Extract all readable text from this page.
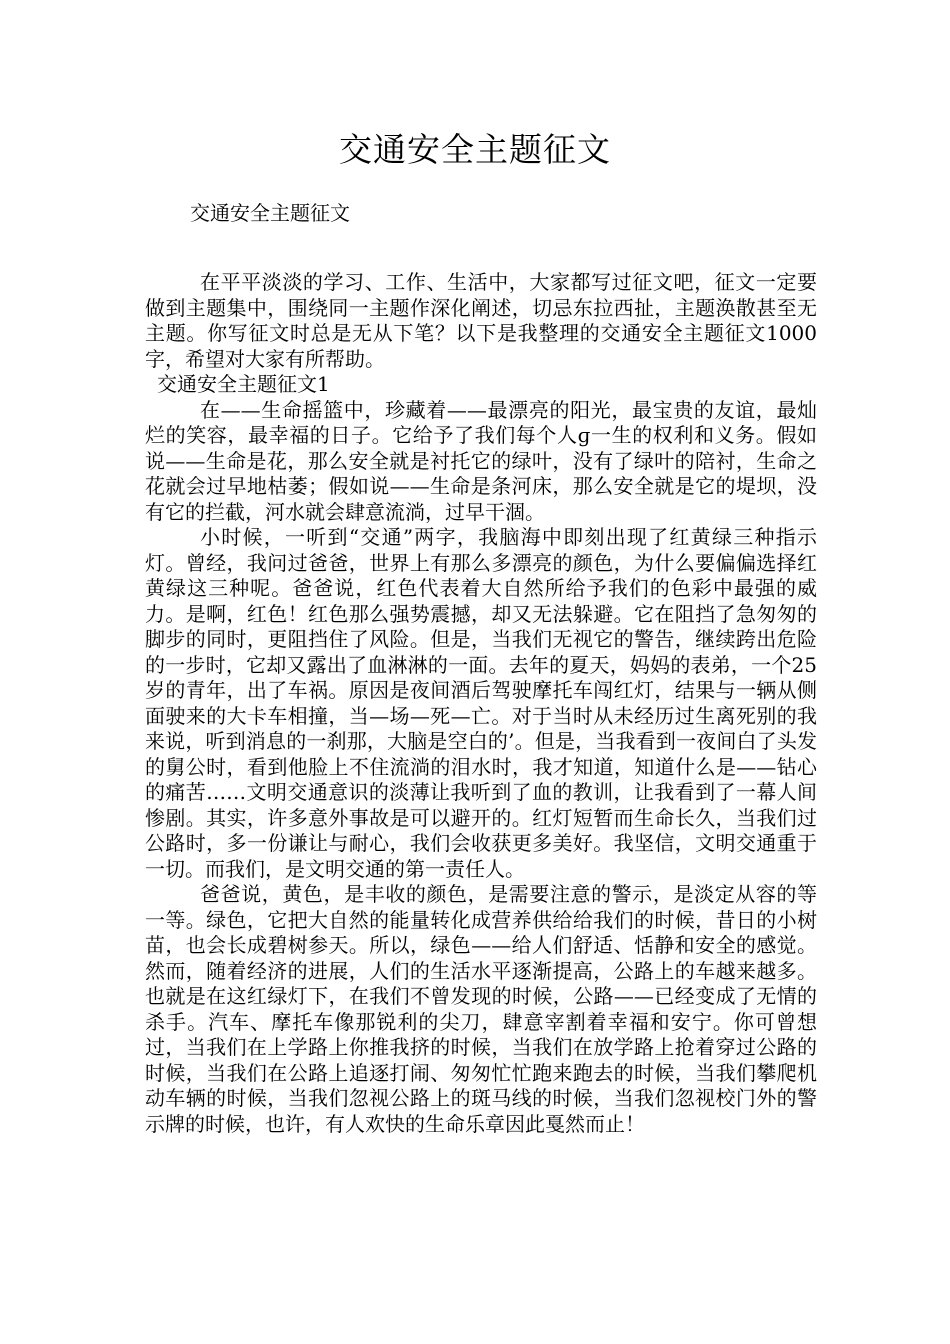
交通安全主题征文
交通安全主题征文

在平平淡淡的学习、工作、生活中，大家都写过征文吧，征文一定要做到主题集中，围绕同一主题作深化阐述，切忌东拉西扯，主题涣散甚至无主题。你写征文时总是无从下笔？以下是我整理的交通安全主题征文1000字，希望对大家有所帮助。

交通安全主题征文1

在——生命摇篮中，珍藏着——最漂亮的阳光，最宝贵的友谊，最灿烂的笑容，最幸福的日子。它给予了我们每个人ɡ一生的权利和义务。假如说——生命是花，那么安全就是衬托它的绿叶，没有了绿叶的陪衬，生命之花就会过早地枯萎；假如说——生命是条河床，那么安全就是它的堤坝，没有它的拦截，河水就会肆意流淌，过早干涸。

小时候，一听到“交通”两字，我脑海中即刻出现了红黄绿三种指示灯。曾经，我问过爸爸，世界上有那么多漂亮的颜色，为什么要偏偏选择红黄绿这三种呢。爸爸说，红色代表着大自然所给予我们的色彩中最强的威力。是啊，红色！红色那么强势震撼，却又无法躲避。它在阻挡了急匆匆的脚步的同时，更阻挡住了风险。但是，当我们无视它的警告，继续跨出危险的一步时，它却又露出了血淋淋的一面。去年的夏天，妈妈的表弟，一个25岁的青年，出了车祸。原因是夜间酒后驾驶摩托车闯红灯，结果与一辆从侧面驶来的大卡车相撞，当—场—死—亡。对于当时从未经历过生离死别的我来说，听到消息的一刹那，大脑是空白的’。但是，当我看到一夜间白了头发的舅公时，看到他脸上不住流淌的泪水时，我才知道，知道什么是——钻心的痛苦……文明交通意识的淡薄让我听到了血的教训，让我看到了一幕人间惨剧。其实，许多意外事故是可以避开的。红灯短暂而生命长久，当我们过公路时，多一份谦让与耐心，我们会收获更多美好。我坚信，文明交通重于一切。而我们，是文明交通的第一责任人。

爸爸说，黄色，是丰收的颜色，是需要注意的警示，是淡定从容的等一等。绿色，它把大自然的能量转化成营养供给给我们的时候，昔日的小树苗，也会长成碧树参天。所以，绿色——给人们舒适、恬静和安全的感觉。然而，随着经济的进展，人们的生活水平逐渐提高，公路上的车越来越多。也就是在这红绿灯下，在我们不曾发现的时候，公路——已经变成了无情的杀手。汽车、摩托车像那锐利的尖刀，肆意宰割着幸福和安宁。你可曾想过，当我们在上学路上你推我挤的时候，当我们在放学路上抢着穿过公路的时候，当我们在公路上追逐打闹、匆匆忙忙跑来跑去的时候，当我们攀爬机动车辆的时候，当我们忽视公路上的斑马线的时候，当我们忽视校门外的警示牌的时候，也许，有人欢快的生命乐章因此戛然而止！
